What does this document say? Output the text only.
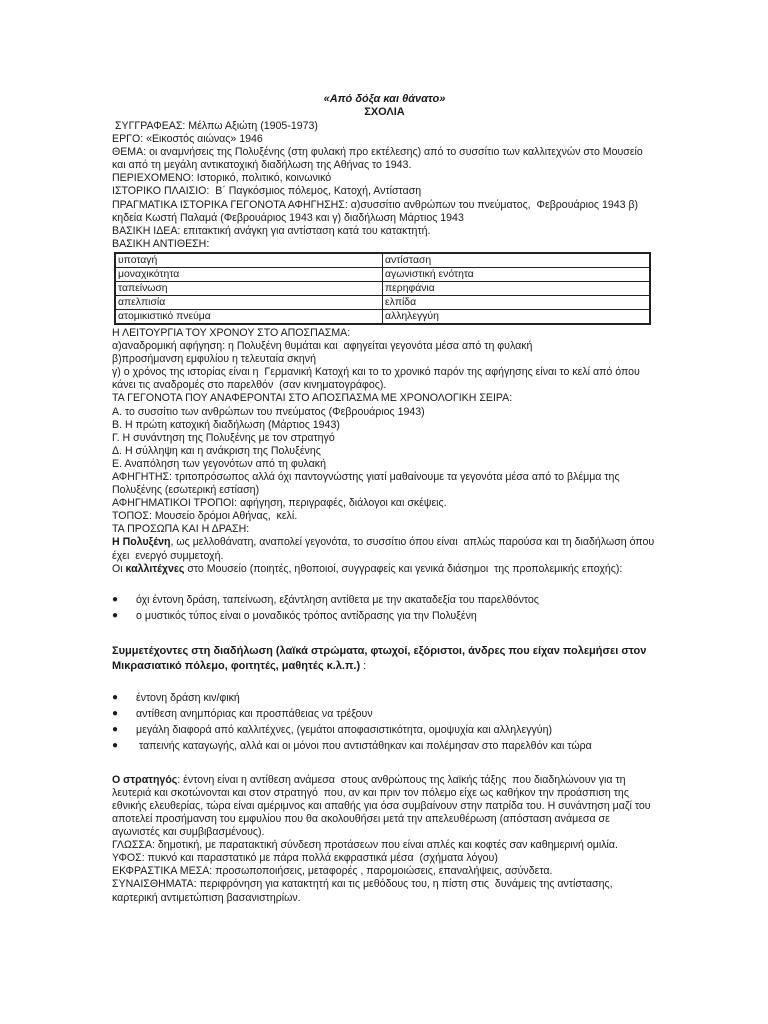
«Από δόξα και θάνατο»
ΣΧΟΛΙΑ
ΣΥΓΓΡΑΦΕΑΣ: Μέλπω Αξιώτη (1905-1973)
ΕΡΓΟ: «Εικοστός αιώνας» 1946
ΘΕΜΑ: οι αναμνήσεις της Πολυξένης (στη φυλακή προ εκτέλεσης) από το συσσίτιο των καλλιτεχνών στο Μουσείο και από τη μεγάλη αντικατοχική διαδήλωση της Αθήνας το 1943.
ΠΕΡΙΕΧΟΜΕΝΟ: Ιστορικό, πολιτικό, κοινωνικό
ΙΣΤΟΡΙΚΟ ΠΛΑΙΣΙΟ:  Β΄ Παγκόσμιος πόλεμος, Κατοχή, Αντίσταση
ΠΡΑΓΜΑΤΙΚΑ ΙΣΤΟΡΙΚΑ ΓΕΓΟΝΟΤΑ ΑΦΗΓΗΣΗΣ: α)συσσίτιο ανθρώπων του πνεύματος,  Φεβρουάριος 1943 β) κηδεία Κωστή Παλαμά (Φεβρουάριος 1943 και γ) διαδήλωση Μάρτιος 1943
ΒΑΣΙΚΗ ΙΔΕΑ: επιτακτική ανάγκη για αντίσταση κατά του κατακτητή.
ΒΑΣΙΚΗ ΑΝΤΙΘΕΣΗ:
υποταγή	αντίσταση
μοναχικότητα	αγωνιστική ενότητα
ταπείνωση	περηφάνια
απελπισία	ελπίδα
ατομικιστικό πνεύμα	αλληλεγγύη
Η ΛΕΙΤΟΥΡΓΙΑ ΤΟΥ ΧΡΟΝΟΥ ΣΤΟ ΑΠΟΣΠΑΣΜΑ:
α)αναδρομική αφήγηση: η Πολυξένη θυμάται και  αφηγείται γεγονότα μέσα από τη φυλακή
β)προσήμανση εμφυλίου η τελευταία σκηνή
γ) ο χρόνος της ιστορίας είναι η  Γερμανική Κατοχή και το το χρονικό παρόν της αφήγησης είναι το κελί από όπου κάνει τις αναδρομές στο παρελθόν  (σαν κινηματογράφος).
ΤΑ ΓΕΓΟΝΟΤΑ ΠΟΥ ΑΝΑΦΕΡΟΝΤΑΙ ΣΤΟ ΑΠΟΣΠΑΣΜΑ ΜΕ ΧΡΟΝΟΛΟΓΙΚΗ ΣΕΙΡΑ:
Α. το συσσίτιο των ανθρώπων του πνεύματος (Φεβρουάριος 1943)
Β. Η πρώτη κατοχική διαδήλωση (Μάρτιος 1943)
Γ. Η συνάντηση της Πολυξένης με τον στρατηγό
Δ. Η σύλληψη και η ανάκριση της Πολυξένης
Ε. Αναπόληση των γεγονότων από τη φυλακή
ΑΦΗΓΗΤΗΣ: τριτοπρόσωπος αλλά όχι παντογνώστης γιατί μαθαίνουμε τα γεγονότα μέσα από το βλέμμα της Πολυξένης (εσωτερική εστίαση)
ΑΦΗΓΗΜΑΤΙΚΟΙ ΤΡΟΠΟΙ: αφήγηση, περιγραφές, διάλογοι και σκέψεις.
ΤΟΠΟΣ: Μουσείο δρόμοι Αθήνας,  κελί.
ΤΑ ΠΡΟΣΩΠΑ ΚΑΙ Η ΔΡΑΣΗ:
Η Πολυξένη, ως μελλοθάνατη, αναπολεί γεγονότα, το συσσίτιο όπου είναι  απλώς παρούσα και τη διαδήλωση όπου έχει  ενεργό συμμετοχή.
Οι καλλιτέχνες στο Μουσείο (ποιητές, ηθοποιοί, συγγραφείς και γενικά διάσημοι  της προπολεμικής εποχής):
● όχι έντονη δράση, ταπείνωση, εξάντληση αντίθετα με την ακαταδεξία του παρελθόντος
● ο μυστικός τύπος είναι ο μοναδικός τρόπος αντίδρασης για την Πολυξένη
Συμμετέχοντες στη διαδήλωση (λαϊκά στρώματα, φτωχοί, εξόριστοι, άνδρες που είχαν πολεμήσει στον Μικρασιατικό πόλεμο, φοιτητές, μαθητές κ.λ.π.) :
● έντονη δράση κιν/φική
● αντίθεση ανημπόριας και προσπάθειας να τρέξουν
● μεγάλη διαφορά από καλλιτέχνες, (γεμάτοι αποφασιστικότητα, ομοψυχία και αλληλεγγύη)
● ταπεινής καταγωγής, αλλά και οι μόνοι που αντιστάθηκαν και πολέμησαν στο παρελθόν και τώρα
Ο στρατηγός: έντονη είναι η αντίθεση ανάμεσα  στους ανθρώπους της λαϊκής τάξης  που διαδηλώνουν για τη λευτεριά και σκοτώνονται και στον στρατηγό  που, αν και πριν τον πόλεμο είχε ως καθήκον την προάσπιση της εθνικής ελευθερίας, τώρα είναι αμέριμνος και απαθής για όσα συμβαίνουν στην πατρίδα του. Η συνάντηση μαζί του  αποτελεί προσήμανση του εμφυλίου που θα ακολουθήσει μετά την απελευθέρωση (απόσταση ανάμεσα σε αγωνιστές και συμβιβασμένους).
ΓΛΩΣΣΑ: δημοτική, με παρατακτική σύνδεση προτάσεων που είναι απλές και κοφτές σαν καθημερινή ομιλία.
ΥΦΟΣ: πυκνό και παραστατικό με πάρα πολλά εκφραστικά μέσα  (σχήματα λόγου)
ΕΚΦΡΑΣΤΙΚΑ ΜΕΣΑ: προσωποποιήσεις, μεταφορές , παρομοιώσεις, επαναλήψεις, ασύνδετα.
ΣΥΝΑΙΣΘΗΜΑΤΑ: περιφρόνηση για κατακτητή και τις μεθόδους του, η πίστη στις  δυνάμεις της αντίστασης, καρτερική αντιμετώπιση βασανιστηρίων.
